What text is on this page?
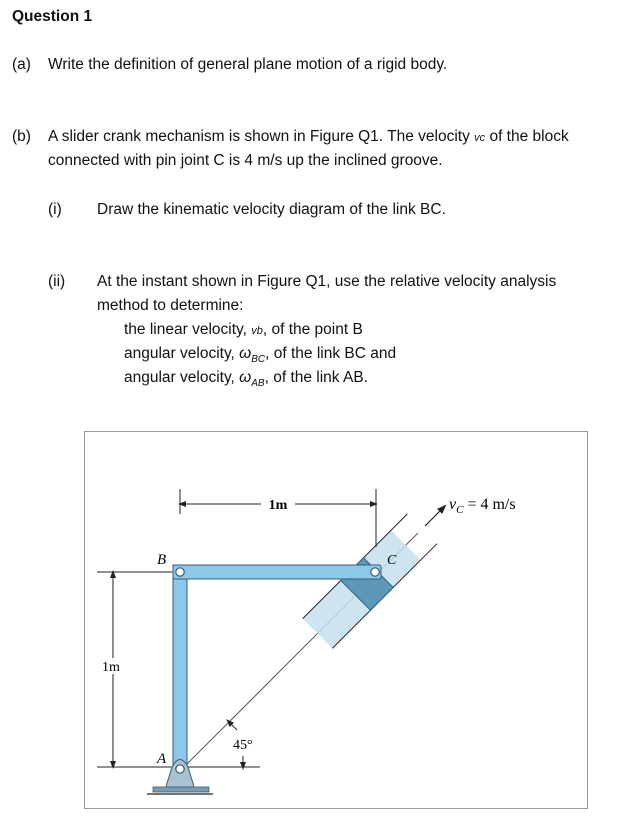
Question 1
(a) Write the definition of general plane motion of a rigid body.
(b) A slider crank mechanism is shown in Figure Q1. The velocity vc of the block
connected with pin joint C is 4 m/s up the inclined groove.
(i) Draw the kinematic velocity diagram of the link BC.
(ii) At the instant shown in Figure Q1, use the relative velocity analysis
method to determine:
the linear velocity, vb, of the point B
angular velocity, $\omega_{BC}$, of the link BC and
angular velocity, $\omega_{AB}$, of the link AB.
1m
1m
B
A
C
45°
$v_C = 4$ m/s
